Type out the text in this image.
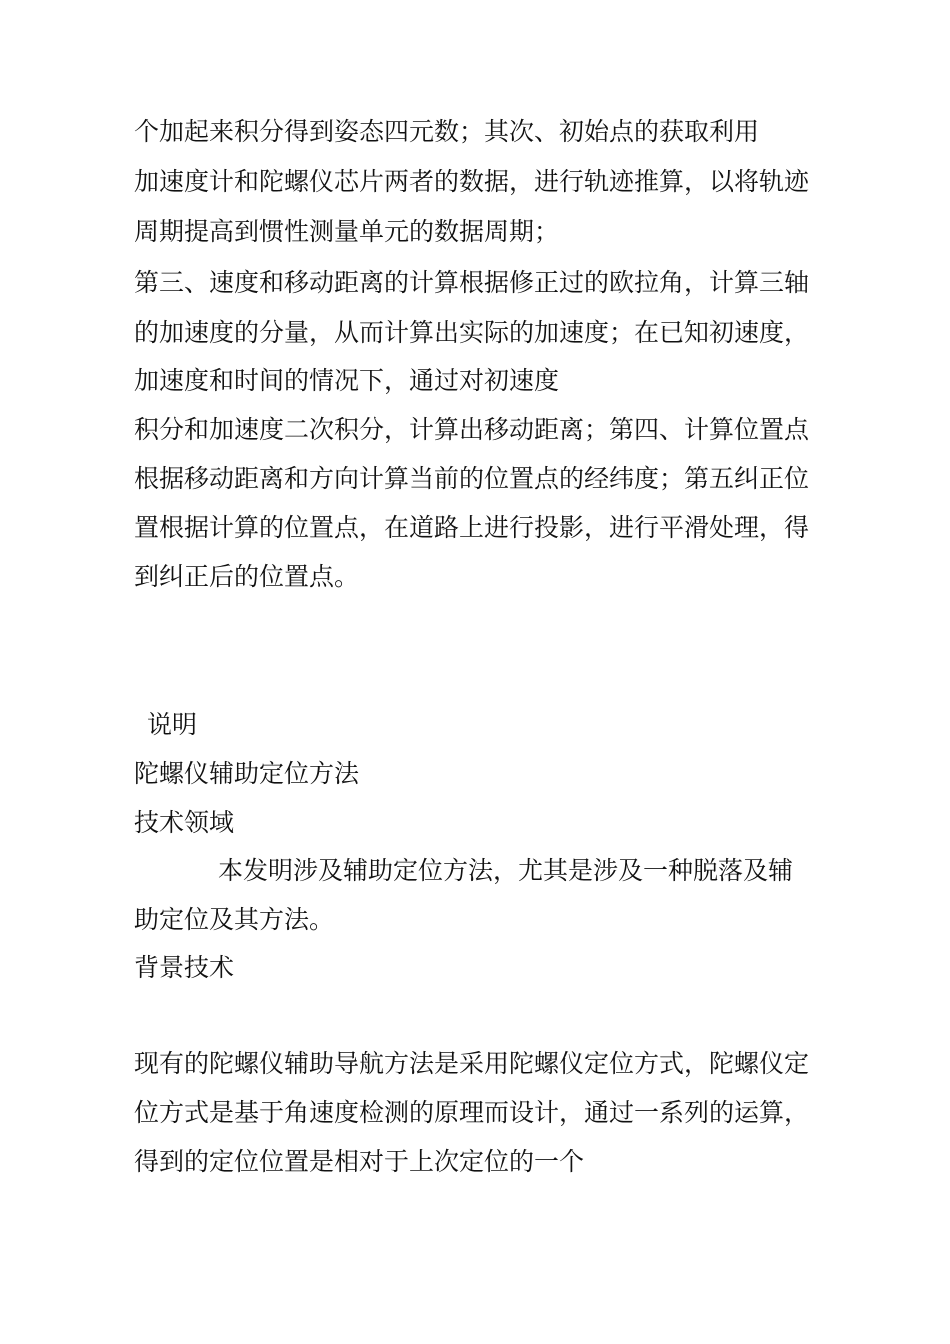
个加起来积分得到姿态四元数；其次、初始点的获取利用
加速度计和陀螺仪芯片两者的数据，进行轨迹推算，以将轨迹
周期提高到惯性测量单元的数据周期；
第三、速度和移动距离的计算根据修正过的欧拉角，计算三轴
的加速度的分量，从而计算出实际的加速度；在已知初速度，
加速度和时间的情况下，通过对初速度
积分和加速度二次积分，计算出移动距离；第四、计算位置点
根据移动距离和方向计算当前的位置点的经纬度；第五纠正位
置根据计算的位置点，在道路上进行投影，进行平滑处理，得
到纠正后的位置点。
说明
陀螺仪辅助定位方法
技术领域
本发明涉及辅助定位方法，尤其是涉及一种脱落及辅
助定位及其方法。
背景技术
现有的陀螺仪辅助导航方法是采用陀螺仪定位方式，陀螺仪定
位方式是基于角速度检测的原理而设计，通过一系列的运算，
得到的定位位置是相对于上次定位的一个
